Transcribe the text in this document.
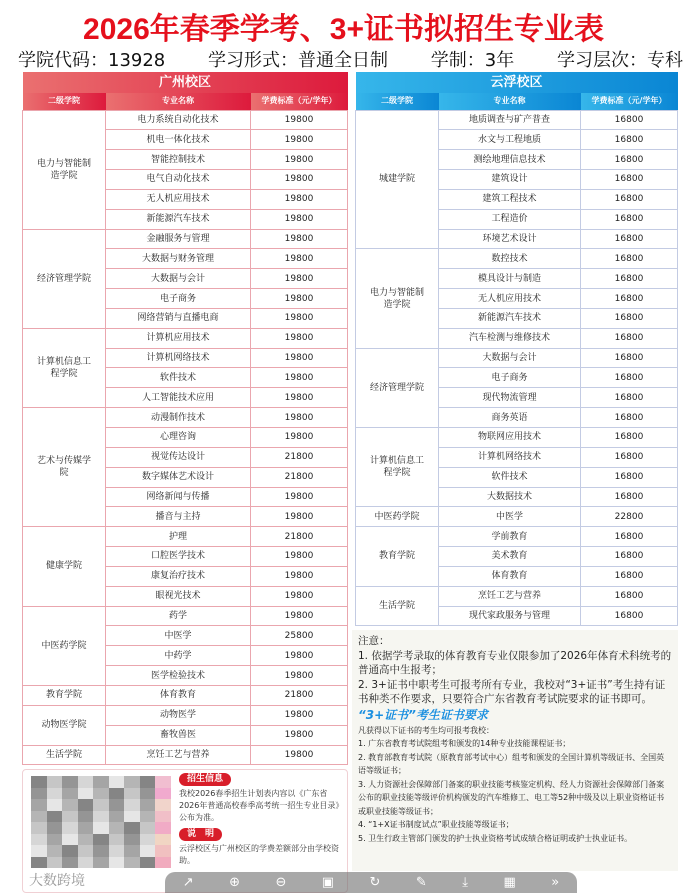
2026年春季学考、3+证书拟招生专业表
学院代码：13928 学习形式：普通全日制 学制：3年 学习层次：专科
广州校区		
二级学院	专业名称	学费标准（元/学年）
电力与智能制造学院	电力系统自动化技术	19800
	机电一体化技术	19800
	智能控制技术	19800
	电气自动化技术	19800
	无人机应用技术	19800
	新能源汽车技术	19800
经济管理学院	金融服务与管理	19800
	大数据与财务管理	19800
	大数据与会计	19800
	电子商务	19800
	网络营销与直播电商	19800
计算机信息工程学院	计算机应用技术	19800
	计算机网络技术	19800
	软件技术	19800
	人工智能技术应用	19800
艺术与传媒学院	动漫制作技术	19800
	心理咨询	19800
	视觉传达设计	21800
	数字媒体艺术设计	21800
	网络新闻与传播	19800
	播音与主持	19800
健康学院	护理	21800
	口腔医学技术	19800
	康复治疗技术	19800
	眼视光技术	19800
中医药学院	药学	19800
	中医学	25800
	中药学	19800
	医学检验技术	19800
教育学院	体育教育	21800
动物医学院	动物医学	19800
	畜牧兽医	19800
生活学院	烹饪工艺与营养	19800
云浮校区		
二级学院	专业名称	学费标准（元/学年）
城建学院	地质调查与矿产普查	16800
	水文与工程地质	16800
	测绘地理信息技术	16800
	建筑设计	16800
	建筑工程技术	16800
	工程造价	16800
	环境艺术设计	16800
电力与智能制造学院	数控技术	16800
	模具设计与制造	16800
	无人机应用技术	16800
	新能源汽车技术	16800
	汽车检测与维修技术	16800
经济管理学院	大数据与会计	16800
	电子商务	16800
	现代物流管理	16800
	商务英语	16800
计算机信息工程学院	物联网应用技术	16800
	计算机网络技术	16800
	软件技术	16800
	大数据技术	16800
中医药学院	中医学	22800
教育学院	学前教育	16800
	美术教育	16800
	体育教育	16800
生活学院	烹饪工艺与营养	16800
	现代家政服务与管理	16800
大数跨境
招生信息
我校2026春季招生计划表内容以《广东省2026年普通高校春季高考统一招生专业目录》公布为准。
说　明
云浮校区与广州校区的学费差额部分由学校资助。
注意：
1. 依据学考录取的体育教育专业仅限参加了2026年体育术科统考的普通高中生报考；
2. 3+证书中职考生可报考所有专业，我校对“3+证书”考生持有证书种类不作要求，只要符合广东省教育考试院要求的证书即可。
“3+证书”考生证书要求
凡获得以下证书的考生均可报考我校：
1. 广东省教育考试院组考和颁发的14种专业技能课程证书；
2. 教育部教育考试院（原教育部考试中心）组考和颁发的全国计算机等级证书、全国英语等级证书；
3. 人力资源社会保障部门备案的职业技能考核鉴定机构、经人力资源社会保障部门备案公布的职业技能等级评价机构颁发的汽车维修工、电工等52种中级及以上职业资格证书或职业技能等级证书；
4. “1+X证书制度试点”职业技能等级证书；
5. 卫生行政主管部门颁发的护士执业资格考试成绩合格证明或护士执业证书。
↗	⊕	⊖	▣	↻	✎	⤓	▦	»
